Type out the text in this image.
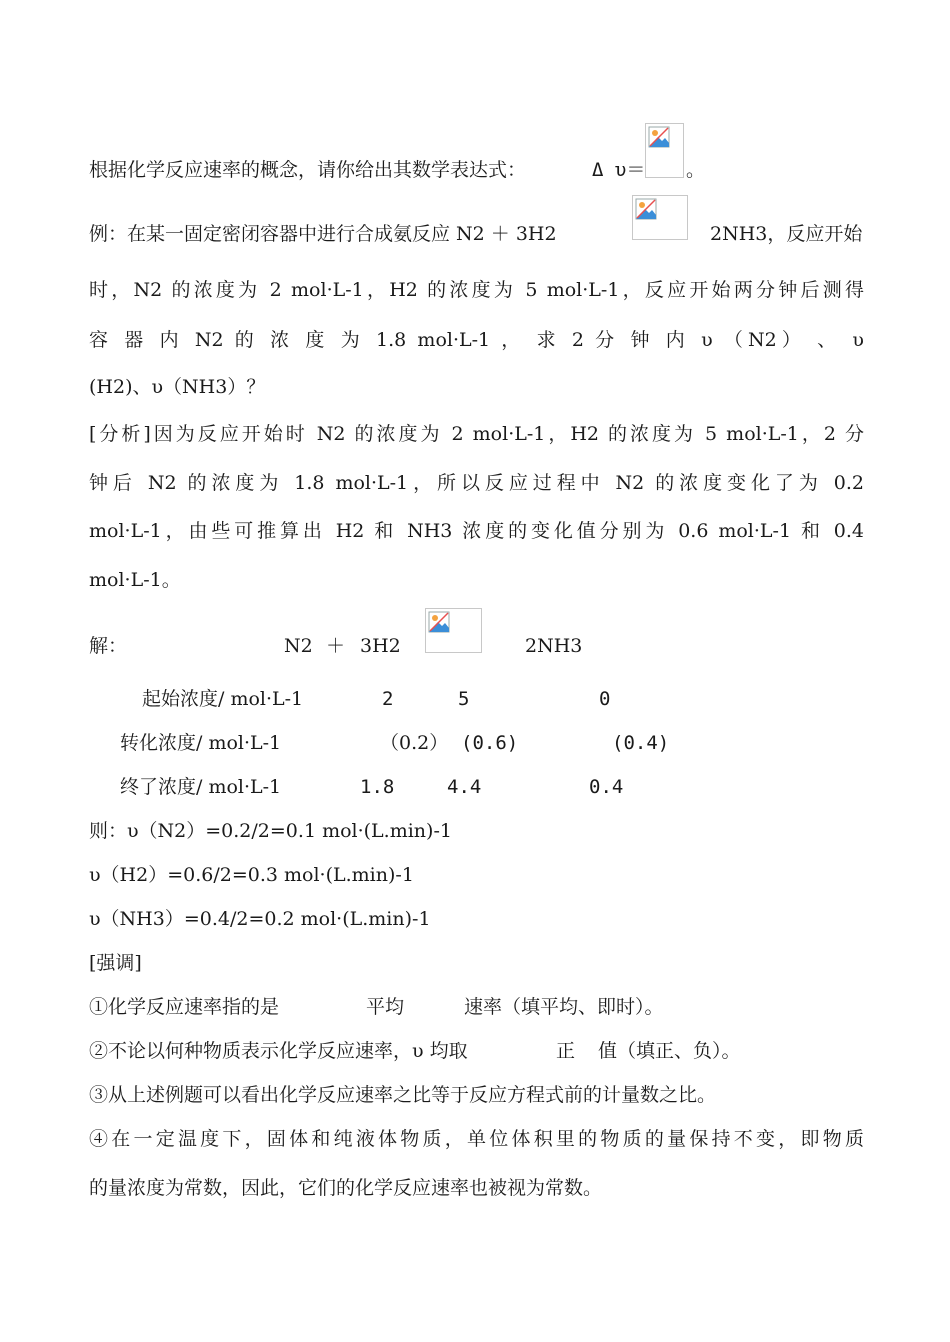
根据化学反应速率的概念，请你给出其数学表达式：	Δ υ＝ 。
例：在某一固定密闭容器中进行合成氨反应 N2 ＋ 3H2	2NH3，反应开始
时，N2 的浓度为 2 mol·L-1，H2 的浓度为 5 mol·L-1，反应开始两分钟后测得
容 器 内 N2 的 浓 度 为 1.8 mol·L-1 ， 求 2 分 钟 内 υ （N2） 、 υ
(H2)、υ（NH3）？
[分析]因为反应开始时 N2 的浓度为 2 mol·L-1，H2 的浓度为 5 mol·L-1，2 分
钟后 N2 的浓度为 1.8 mol·L-1，所以反应过程中 N2 的浓度变化了为 0.2
mol·L-1，由些可推算出 H2 和 NH3 浓度的变化值分别为 0.6 mol·L-1 和 0.4
mol·L-1。
解：	N2 ＋ 3H2	2NH3
起始浓度/ mol·L-1	2	5	0
转化浓度/ mol·L-1	（0.2） (0.6)	(0.4)
终了浓度/ mol·L-1	1.8	4.4	0.4
则：υ（N2）=0.2/2=0.1 mol·(L.min)-1
υ（H2）=0.6/2=0.3 mol·(L.min)-1
υ（NH3）=0.4/2=0.2 mol·(L.min)-1
[强调]
①化学反应速率指的是	平均	速率（填平均、即时）。
②不论以何种物质表示化学反应速率，υ 均取	正 值（填正、负）。
③从上述例题可以看出化学反应速率之比等于反应方程式前的计量数之比。
④在一定温度下，固体和纯液体物质，单位体积里的物质的量保持不变，即物质
的量浓度为常数，因此，它们的化学反应速率也被视为常数。
